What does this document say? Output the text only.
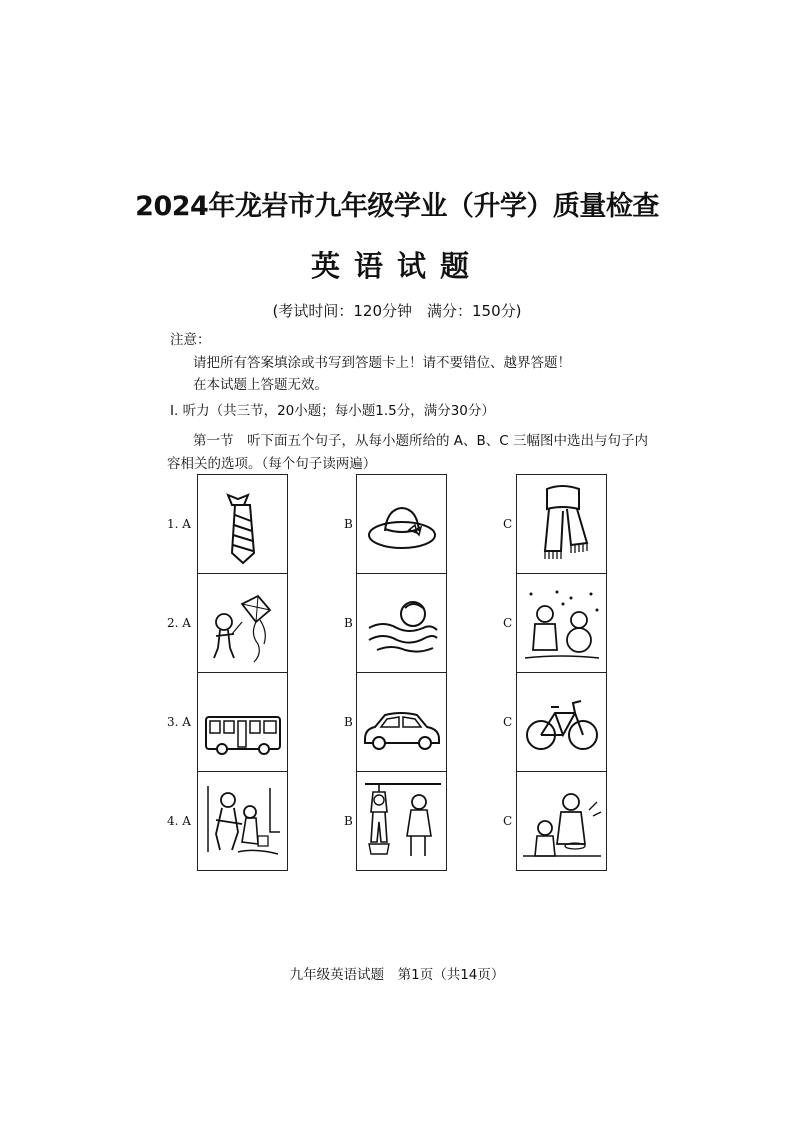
2024年龙岩市九年级学业（升学）质量检查
英语试题
(考试时间：120分钟　满分：150分)
注意：
请把所有答案填涂或书写到答题卡上！请不要错位、越界答题！
在本试题上答题无效。
Ⅰ. 听力（共三节，20小题；每小题1.5分，满分30分）
第一节　听下面五个句子，从每小题所给的 A、B、C 三幅图中选出与句子内
容相关的选项。（每个句子读两遍）
1. A	B	C
2. A	B	C
3. A	B	C
4. A	B	C
九年级英语试题　第1页（共14页）
